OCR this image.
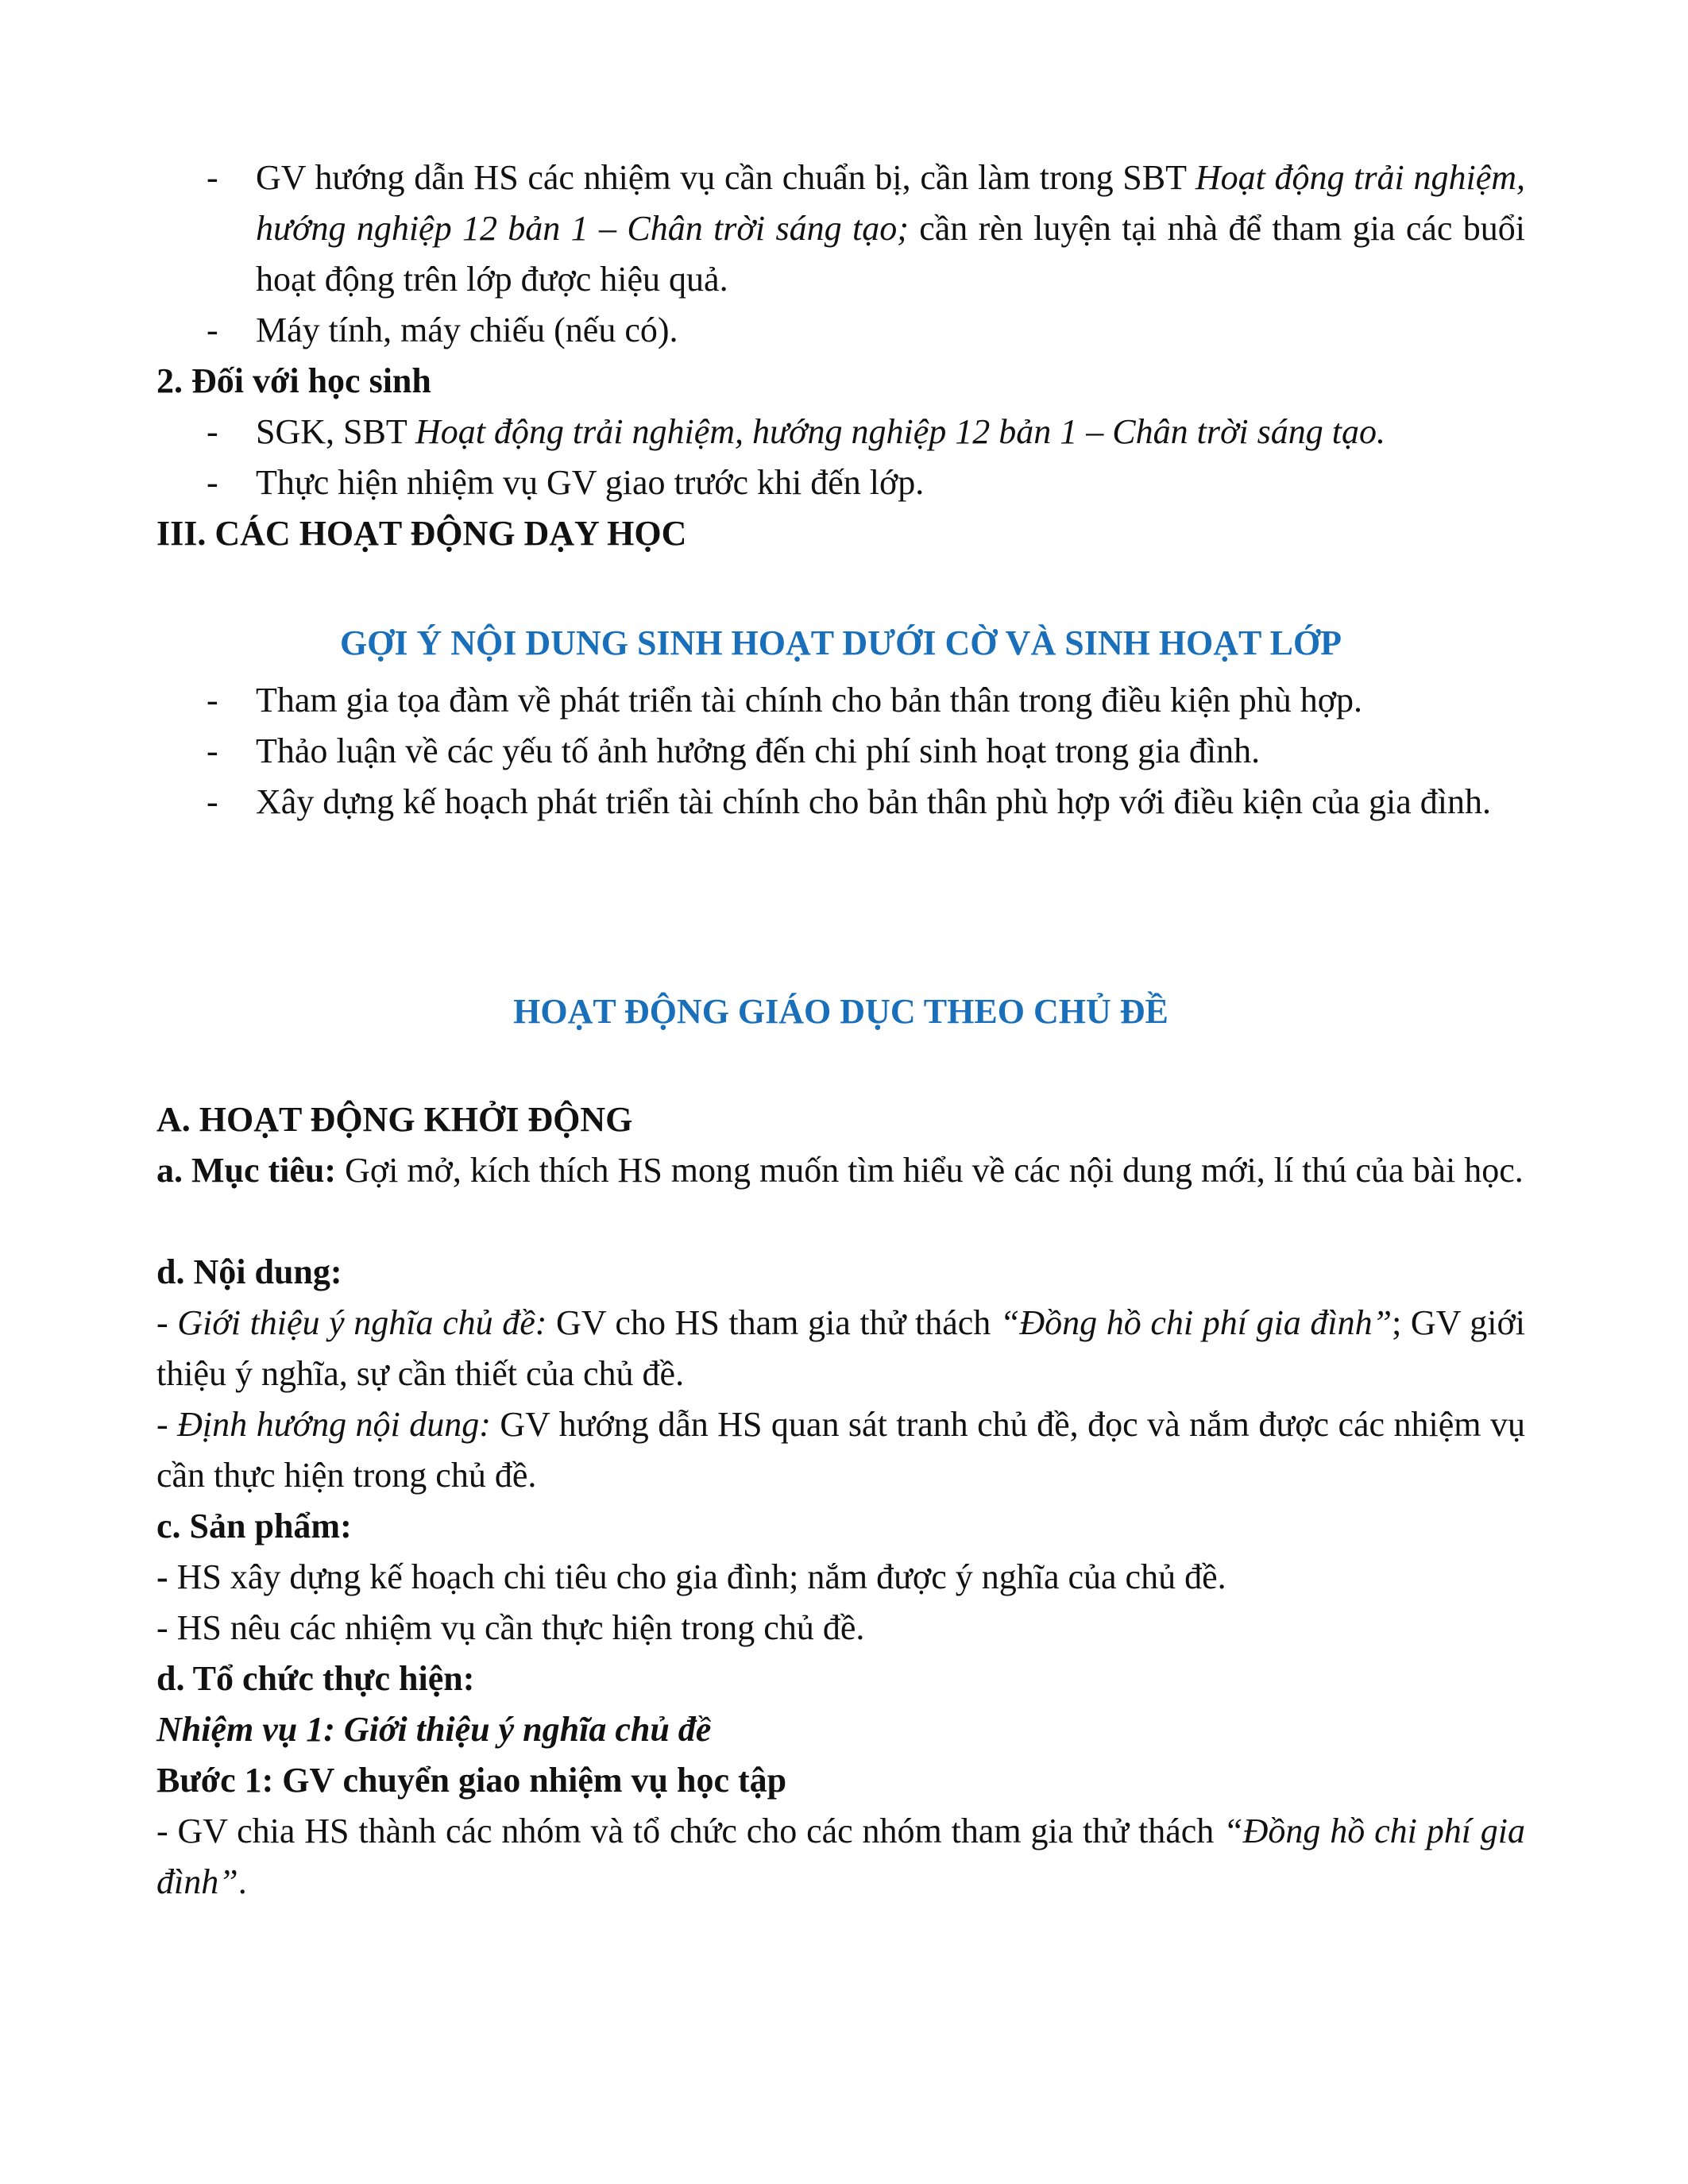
- GV hướng dẫn HS các nhiệm vụ cần chuẩn bị, cần làm trong SBT Hoạt động trải nghiệm, hướng nghiệp 12 bản 1 – Chân trời sáng tạo; cần rèn luyện tại nhà để tham gia các buổi hoạt động trên lớp được hiệu quả.

- Máy tính, máy chiếu (nếu có).

2. Đối với học sinh

- SGK, SBT Hoạt động trải nghiệm, hướng nghiệp 12 bản 1 – Chân trời sáng tạo.

- Thực hiện nhiệm vụ GV giao trước khi đến lớp.

III. CÁC HOẠT ĐỘNG DẠY HỌC

GỢI Ý NỘI DUNG SINH HOẠT DƯỚI CỜ VÀ SINH HOẠT LỚP

- Tham gia tọa đàm về phát triển tài chính cho bản thân trong điều kiện phù hợp.

- Thảo luận về các yếu tố ảnh hưởng đến chi phí sinh hoạt trong gia đình.

- Xây dựng kế hoạch phát triển tài chính cho bản thân phù hợp với điều kiện của gia đình.

HOẠT ĐỘNG GIÁO DỤC THEO CHỦ ĐỀ

A. HOẠT ĐỘNG KHỞI ĐỘNG

a. Mục tiêu: Gợi mở, kích thích HS mong muốn tìm hiểu về các nội dung mới, lí thú của bài học.

d. Nội dung:

- Giới thiệu ý nghĩa chủ đề: GV cho HS tham gia thử thách “Đồng hồ chi phí gia đình”; GV giới thiệu ý nghĩa, sự cần thiết của chủ đề.

- Định hướng nội dung: GV hướng dẫn HS quan sát tranh chủ đề, đọc và nắm được các nhiệm vụ cần thực hiện trong chủ đề.

c. Sản phẩm:

- HS xây dựng kế hoạch chi tiêu cho gia đình; nắm được ý nghĩa của chủ đề.

- HS nêu các nhiệm vụ cần thực hiện trong chủ đề.

d. Tổ chức thực hiện:

Nhiệm vụ 1: Giới thiệu ý nghĩa chủ đề

Bước 1: GV chuyển giao nhiệm vụ học tập

- GV chia HS thành các nhóm và tổ chức cho các nhóm tham gia thử thách “Đồng hồ chi phí gia đình”.
